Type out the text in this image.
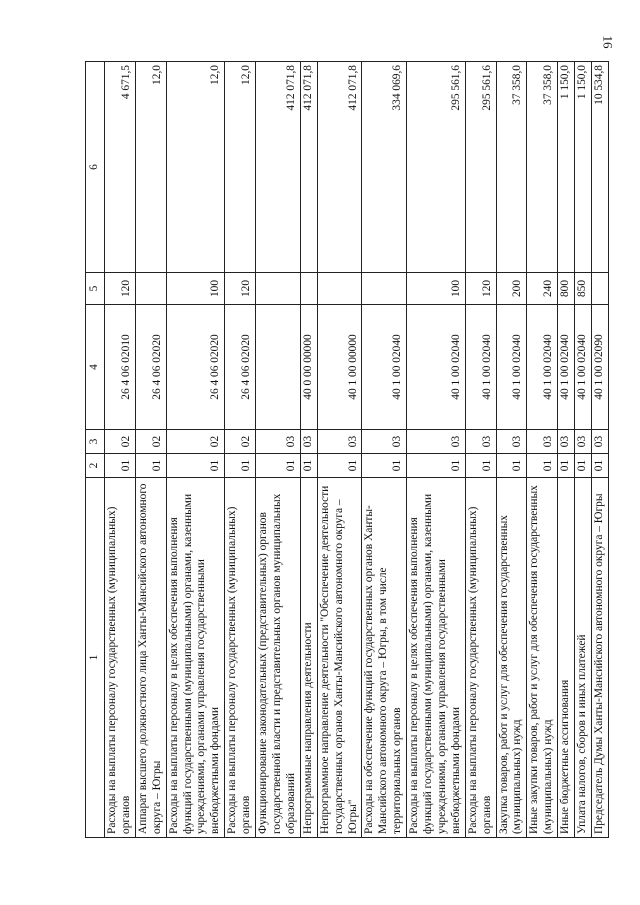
16
1	2	3	4	5	6
Расходы на выплаты персоналу государственных (муниципальных) органов	01	02	26 4 06 02010	120	4 671,5
Аппарат высшего должностного лица Ханты-Мансийского автономного округа – Югры	01	02	26 4 06 02020		12,0
Расходы на выплаты персоналу в целях обеспечения выполнения функций государственными (муниципальными) органами, казенными учреждениями, органами управления государственными внебюджетными фондами	01	02	26 4 06 02020	100	12,0
Расходы на выплаты персоналу государственных (муниципальных) органов	01	02	26 4 06 02020	120	12,0
Функционирование законодательных (представительных) органов государственной власти и представительных органов муниципальных образований	01	03			412 071,8
Непрограммные направления деятельности	01	03	40 0 00 00000		412 071,8
Непрограммное направление деятельности "Обеспечение деятельности государственных органов Ханты-Мансийского автономного округа – Югры"	01	03	40 1 00 00000		412 071,8
Расходы на обеспечение функций государственных органов Ханты-Мансийского автономного округа – Югры, в том числе территориальных органов	01	03	40 1 00 02040		334 069,6
Расходы на выплаты персоналу в целях обеспечения выполнения функций государственными (муниципальными) органами, казенными учреждениями, органами управления государственными внебюджетными фондами	01	03	40 1 00 02040	100	295 561,6
Расходы на выплаты персоналу государственных (муниципальных) органов	01	03	40 1 00 02040	120	295 561,6
Закупка товаров, работ и услуг для обеспечения государственных (муниципальных) нужд	01	03	40 1 00 02040	200	37 358,0
Иные закупки товаров, работ и услуг для обеспечения государственных (муниципальных) нужд	01	03	40 1 00 02040	240	37 358,0
Иные бюджетные ассигнования	01	03	40 1 00 02040	800	1 150,0
Уплата налогов, сборов и иных платежей	01	03	40 1 00 02040	850	1 150,0
Председатель Думы Ханты-Мансийского автономного округа – Югры	01	03	40 1 00 02090		10 534,8
